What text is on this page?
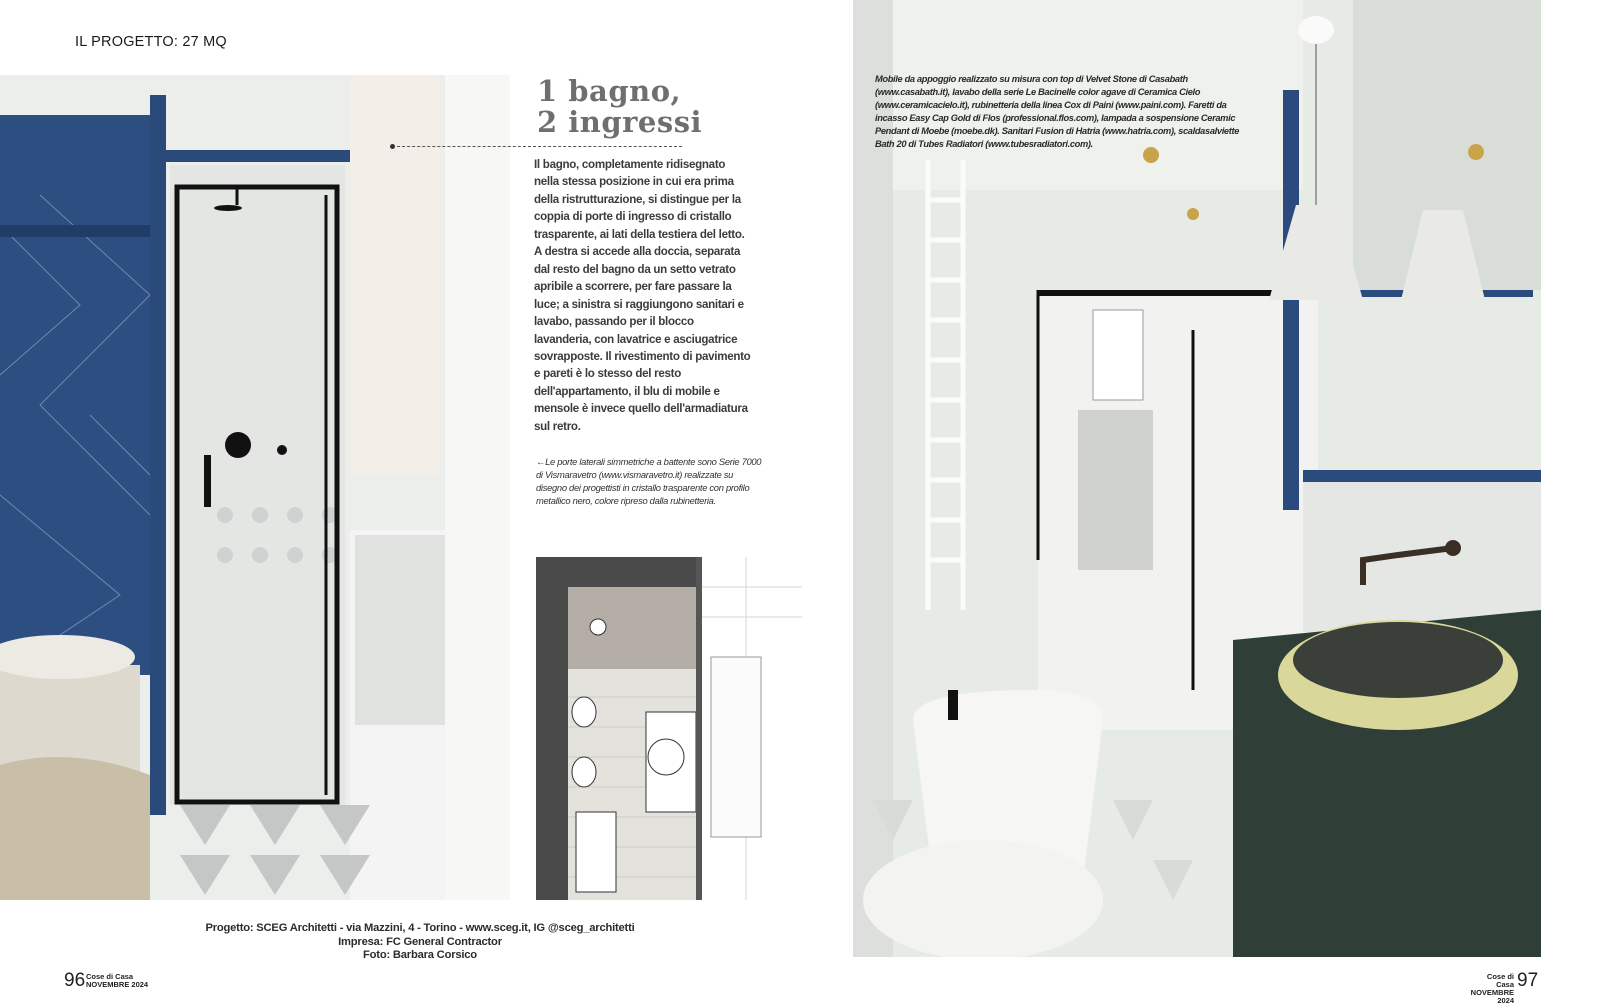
IL PROGETTO: 27 MQ
1 bagno,
2 ingressi
Il bagno, completamente ridisegnato nella stessa posizione in cui era prima della ristrutturazione, si distingue per la coppia di porte di ingresso di cristallo trasparente, ai lati della testiera del letto. A destra si accede alla doccia, separata dal resto del bagno da un setto vetrato apribile a scorrere, per fare passare la luce; a sinistra si raggiungono sanitari e lavabo, passando per il blocco lavanderia, con lavatrice e asciugatrice sovrapposte. Il rivestimento di pavimento e pareti è lo stesso del resto dell'appartamento, il blu di mobile e mensole è invece quello dell'armadiatura sul retro.
←Le porte laterali simmetriche a battente sono Serie 7000 di Vismaravetro (www.vismaravetro.it) realizzate su disegno dei progettisti in cristallo trasparente con profilo metallico nero, colore ripreso dalla rubinetteria.
Progetto: SCEG Architetti - via Mazzini, 4 - Torino - www.sceg.it, IG @sceg_architetti
Impresa: FC General Contractor
Foto: Barbara Corsico
96 Cose di Casa
NOVEMBRE 2024
Cose di Casa
NOVEMBRE 2024
97
Mobile da appoggio realizzato su misura con top di Velvet Stone di Casabath (www.casabath.it), lavabo della serie Le Bacinelle color agave di Ceramica Cielo (www.ceramicacielo.it), rubinetteria della linea Cox di Paini (www.paini.com). Faretti da incasso Easy Cap Gold di Flos (professional.flos.com), lampada a sospensione Ceramic Pendant di Moebe (moebe.dk). Sanitari Fusion di Hatria (www.hatria.com), scaldasalviette Bath 20 di Tubes Radiatori (www.tubesradiatori.com).
